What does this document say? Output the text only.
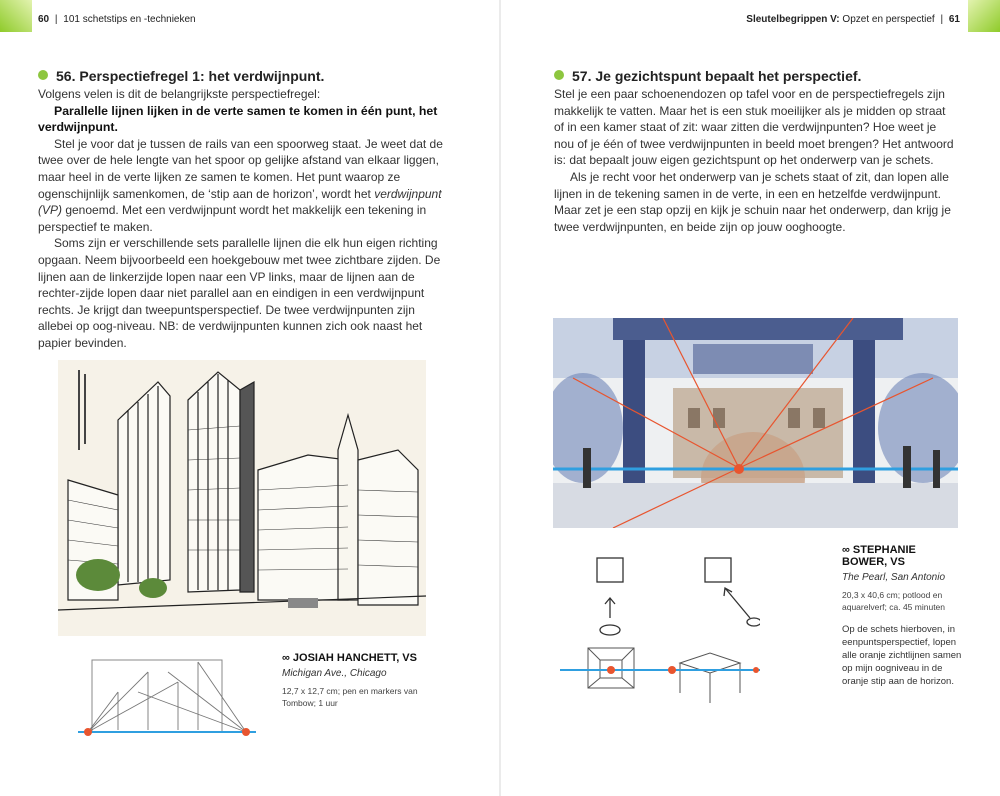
60 | 101 schetstips en -technieken
56. Perspectiefregel 1: het verdwijnpunt.

Volgens velen is dit de belangrijkste perspectiefregel:

Parallelle lijnen lijken in de verte samen te komen in één punt, het verdwijnpunt.

Stel je voor dat je tussen de rails van een spoorweg staat. Je weet dat de twee over de hele lengte van het spoor op gelijke afstand van elkaar liggen, maar heel in de verte lijken ze samen te komen. Het punt waarop ze ogenschijnlijk samenkomen, de ‘stip aan de horizon’, wordt het verdwijnpunt (VP) genoemd. Met een verdwijnpunt wordt het makkelijk een tekening in perspectief te maken.

Soms zijn er verschillende sets parallelle lijnen die elk hun eigen richting opgaan. Neem bijvoorbeeld een hoekgebouw met twee zichtbare zijden. De lijnen aan de linkerzijde lopen naar een VP links, maar de lijnen aan de rechter-zijde lopen daar niet parallel aan en eindigen in een verdwijnpunt rechts. Je krijgt dan tweepuntsperspectief. De twee verdwijnpunten zijn allebei op oog-niveau. NB: de verdwijnpunten kunnen zich ook naast het papier bevinden.

∞ JOSIAH HANCHETT, VS
Michigan Ave., Chicago
12,7 x 12,7 cm; pen en markers van Tombow; 1 uur
Sleutelbegrippen V: Opzet en perspectief | 61
57. Je gezichtspunt bepaalt het perspectief.

Stel je een paar schoenendozen op tafel voor en de perspectiefregels zijn makkelijk te vatten. Maar het is een stuk moeilijker als je midden op straat of in een kamer staat of zit: waar zitten die verdwijnpunten? Hoe weet je nou of je één of twee verdwijnpunten in beeld moet brengen? Het antwoord is: dat bepaalt jouw eigen gezichtspunt op het onderwerp van je schets.

Als je recht voor het onderwerp van je schets staat of zit, dan lopen alle lijnen in de tekening samen in de verte, in een en hetzelfde verdwijnpunt. Maar zet je een stap opzij en kijk je schuin naar het onderwerp, dan krijg je twee verdwijnpunten, en beide zijn op jouw ooghoogte.

∞ STEPHANIE BOWER, VS
The Pearl, San Antonio
20,3 x 40,6 cm; potlood en aquarelverf; ca. 45 minuten
Op de schets hierboven, in eenpuntsperspectief, lopen alle oranje zichtlijnen samen op mijn oogniveau in de oranje stip aan de horizon.
